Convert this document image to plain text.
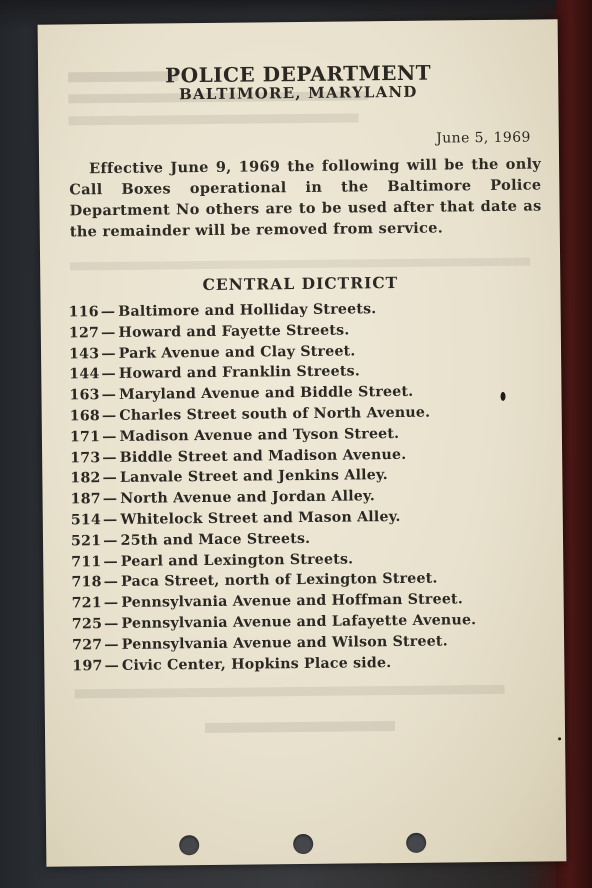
POLICE DEPARTMENT
BALTIMORE, MARYLAND
June 5, 1969
Effective June 9, 1969 the following will be the only Call Boxes operational in the Baltimore Police Department No others are to be used after that date as the remainder will be removed from service.
CENTRAL DICTRICT
116 — Baltimore and Holliday Streets.
127 — Howard and Fayette Streets.
143 — Park Avenue and Clay Street.
144 — Howard and Franklin Streets.
163 — Maryland Avenue and Biddle Street.
168 — Charles Street south of North Avenue.
171 — Madison Avenue and Tyson Street.
173 — Biddle Street and Madison Avenue.
182 — Lanvale Street and Jenkins Alley.
187 — North Avenue and Jordan Alley.
514 — Whitelock Street and Mason Alley.
521 — 25th and Mace Streets.
711 — Pearl and Lexington Streets.
718 — Paca Street, north of Lexington Street.
721 — Pennsylvania Avenue and Hoffman Street.
725 — Pennsylvania Avenue and Lafayette Avenue.
727 — Pennsylvania Avenue and Wilson Street.
197 — Civic Center, Hopkins Place side.
